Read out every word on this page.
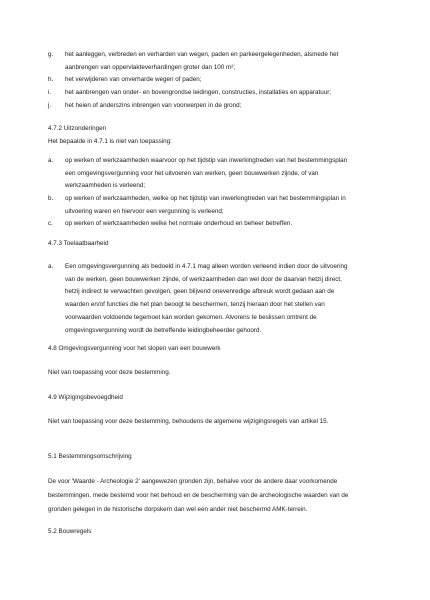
g.	het aanleggen, verbreden en verharden van wegen, paden en parkeergelegenheden, alsmede het
aanbrengen van oppervlakteverhardingen groter dan 100 m²;
h.	het verwijderen van onverharde wegen of paden;
i.	het aanbrengen van onder- en bovengrondse leidingen, constructies, installaties en apparatuur;
j.	het heien of anderszins inbrengen van voorwerpen in de grond;
4.7.2 Uitzonderingen
Het bepaalde in 4.7.1 is niet van toepassing:
a.	op werken of werkzaamheden waarvoor op het tijdstip van inwerkingtreden van het bestemmingsplan
een omgevingsvergunning voor het uitvoeren van werken, geen bouwwerken zijnde, of van
werkzaamheden is verleend;
b.	op werken of werkzaamheden, welke op het tijdstip van inwerkingtreden van het bestemmingsplan in
uitvoering waren en hiervoor een vergunning is verleend;
c.	op werken of werkzaamheden welke het normale onderhoud en beheer betreffen.
4.7.3 Toelaatbaarheid
a.	Een omgevingsvergunning als bedoeld in 4.7.1 mag alleen worden verleend indien door de uitvoering
van de werken, geen bouwwerken zijnde, of werkzaamheden dan wel door de daarvan hetzij direct,
hetzij indirect te verwachten gevolgen, geen blijvend onevenredige afbreuk wordt gedaan aan de
waarden en/of functies die het plan beoogt te beschermen, tenzij hieraan door het stellen van
voorwaarden voldoende tegemoet kan worden gekomen. Alvorens te beslissen omtrent de
omgevingsvergunning wordt de betreffende leidingbeheerder gehoord.
4.8 Omgevingsvergunning voor het slopen van een bouwwerk
Niet van toepassing voor deze bestemming.
4.9 Wijzigingsbevoegdheid
Niet van toepassing voor deze bestemming, behoudens de algemene wijzigingsregels van artikel 15.
5.1 Bestemmingsomschrijving
De voor 'Waarde - Archeologie 2' aangewezen gronden zijn, behalve voor de andere daar voorkomende
bestemmingen, mede bestemd voor het behoud en de bescherming van de archeologische waarden van de
gronden gelegen in de historische dorpskern dan wel een ander niet beschermd AMK-terrein.
5.2 Bouwregels
